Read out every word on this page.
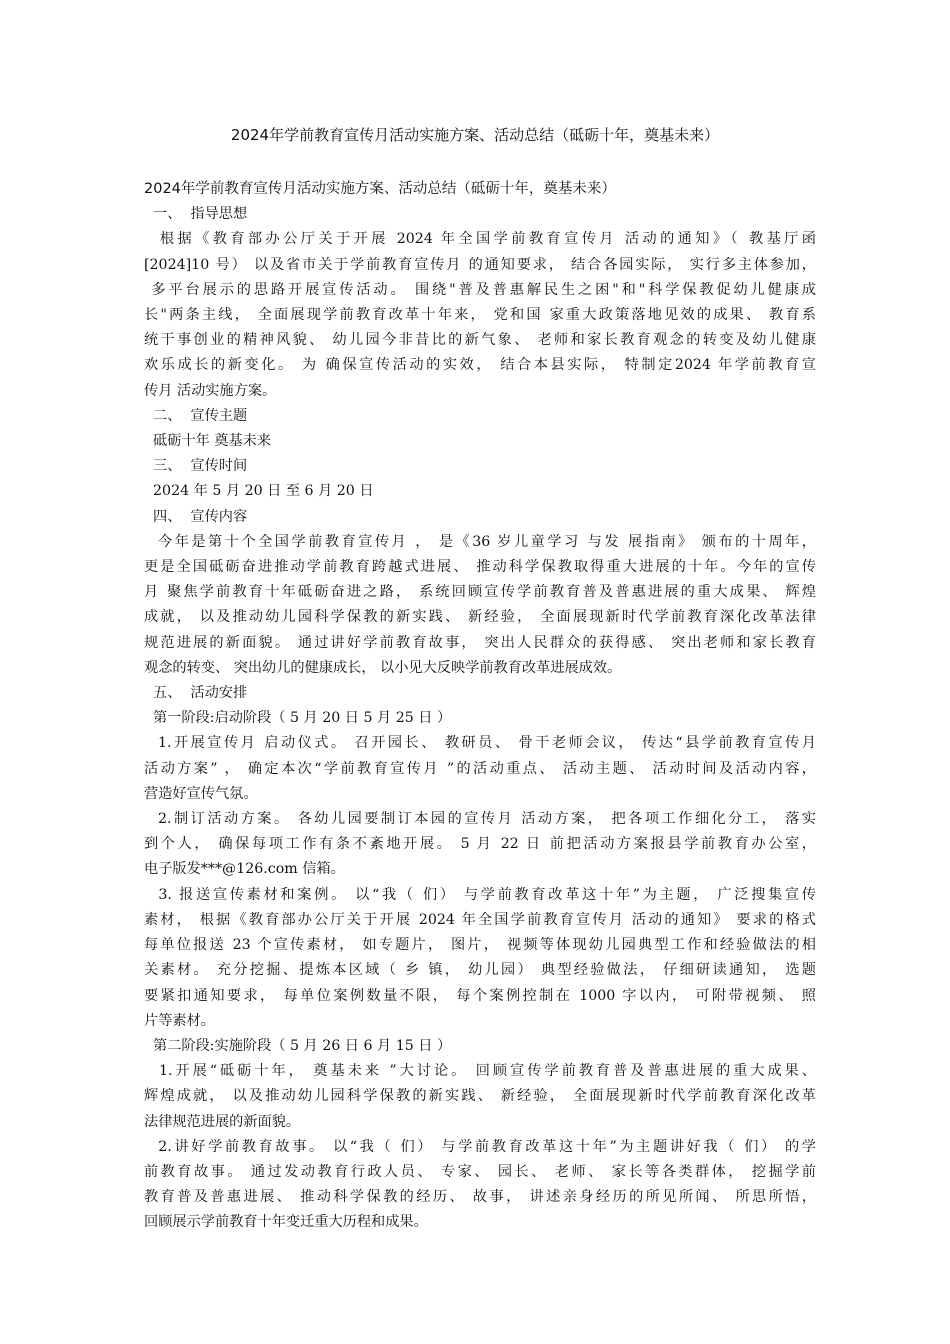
2024年学前教育宣传月活动实施方案、活动总结（砥砺十年，奠基未来）

2024年学前教育宣传月活动实施方案、活动总结（砥砺十年，奠基未来）

一、  指导思想

根据《教育部办公厅关于开展 2024 年全国学前教育宣传月 活动的通知》（ 教基厅函

[2024]10 号） 以及省市关于学前教育宣传月 的通知要求， 结合各园实际， 实行多主体参加，

多平台展示的思路开展宣传活动。 围绕"普及普惠解民生之困"和"科学保教促幼儿健康成

长"两条主线， 全面展现学前教育改革十年来， 党和国 家重大政策落地见效的成果、 教育系

统干事创业的精神风貌、 幼儿园今非昔比的新气象、 老师和家长教育观念的转变及幼儿健康

欢乐成长的新变化。 为 确保宣传活动的实效， 结合本县实际， 特制定2024 年学前教育宣

传月 活动实施方案。

二、  宣传主题

砥砺十年 奠基未来

三、  宣传时间

2024 年 5 月 20 日 至 6 月 20 日

四、  宣传内容

今年是第十个全国学前教育宣传月 ， 是《36 岁儿童学习 与发 展指南》 颁布的十周年，

更是全国砥砺奋进推动学前教育跨越式进展、 推动科学保教取得重大进展的十年。今年的宣传

月 聚焦学前教育十年砥砺奋进之路， 系统回顾宣传学前教育普及普惠进展的重大成果、 辉煌

成就， 以及推动幼儿园科学保教的新实践、 新经验， 全面展现新时代学前教育深化改革法律

规范进展的新面貌。 通过讲好学前教育故事， 突出人民群众的获得感、 突出老师和家长教育

观念的转变、 突出幼儿的健康成长， 以小见大反映学前教育改革进展成效。

五、  活动安排

第一阶段:启动阶段（ 5 月 20 日 5 月 25 日 ）

1.开展宣传月 启动仪式。 召开园长、 教研员、 骨干老师会议， 传达“县学前教育宣传月

活动方案” ， 确定本次“学前教育宣传月 ”的活动重点、 活动主题、 活动时间及活动内容，

营造好宣传气氛。

2.制订活动方案。 各幼儿园要制订本园的宣传月 活动方案， 把各项工作细化分工， 落实

到个人， 确保每项工作有条不紊地开展。 5 月 22 日 前把活动方案报县学前教育办公室，

电子版发***@126.com 信箱。

3. 报送宣传素材和案例。 以“我（ 们） 与学前教育改革这十年”为主题， 广泛搜集宣传

素材， 根据《教育部办公厅关于开展 2024 年全国学前教育宣传月 活动的通知》 要求的格式

每单位报送 23 个宣传素材， 如专题片， 图片， 视频等体现幼儿园典型工作和经验做法的相

关素材。 充分挖掘、提炼本区域（ 乡 镇， 幼儿园） 典型经验做法， 仔细研读通知， 选题

要紧扣通知要求， 每单位案例数量不限， 每个案例控制在 1000 字以内， 可附带视频、 照

片等素材。

第二阶段:实施阶段（ 5 月 26 日 6 月 15 日 ）

1.开展“砥砺十年， 奠基未来 ”大讨论。 回顾宣传学前教育普及普惠进展的重大成果、

辉煌成就， 以及推动幼儿园科学保教的新实践、 新经验， 全面展现新时代学前教育深化改革

法律规范进展的新面貌。

2.讲好学前教育故事。 以“我（ 们） 与学前教育改革这十年”为主题讲好我（ 们） 的学

前教育故事。 通过发动教育行政人员、 专家、 园长、 老师、 家长等各类群体， 挖掘学前

教育普及普惠进展、 推动科学保教的经历、 故事， 讲述亲身经历的所见所闻、 所思所悟，

回顾展示学前教育十年变迁重大历程和成果。
